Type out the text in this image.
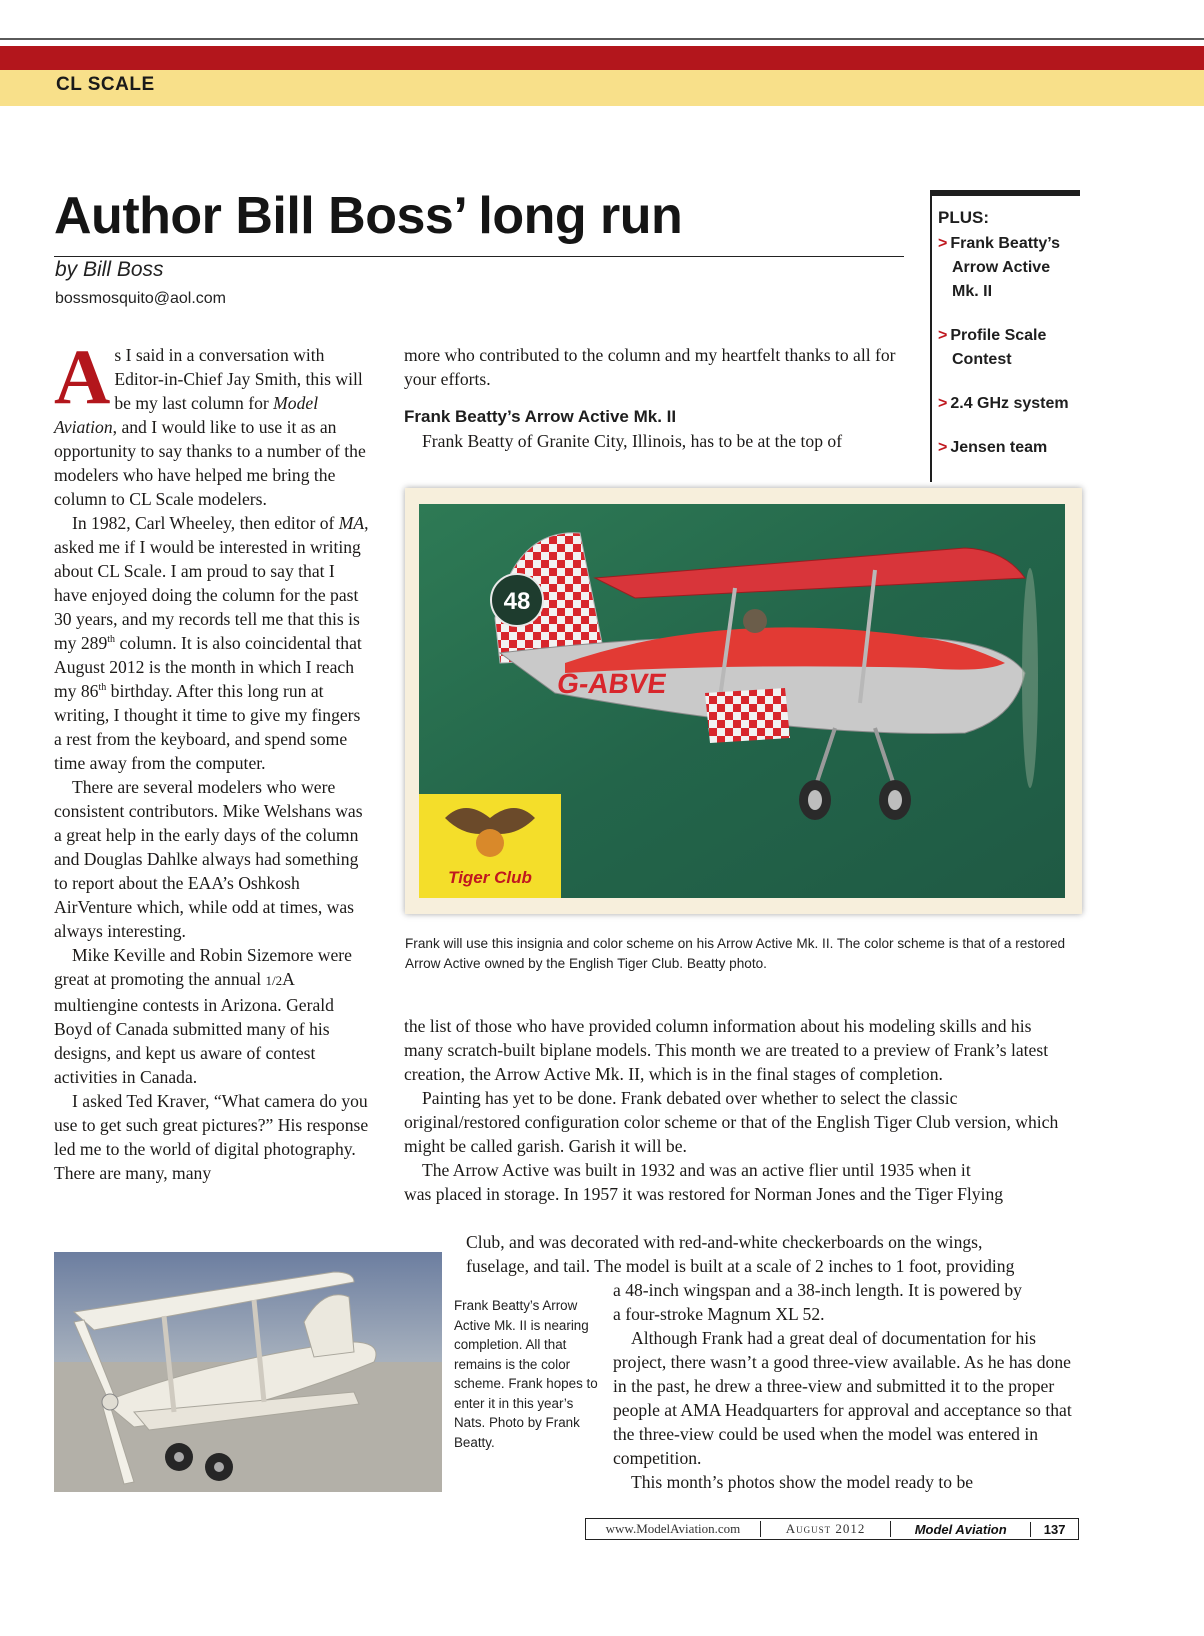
CL SCALE
Author Bill Boss’ long run
by Bill Boss
bossmosquito@aol.com
PLUS:
> Frank Beatty’s
Arrow Active
Mk. II
> Profile Scale
Contest
> 2.4 GHz system
> Jensen team

As I said in a conversation with Editor-in-Chief Jay Smith, this will be my last column for Model Aviation, and I would like to use it as an opportunity to say thanks to a number of the modelers who have helped me bring the column to CL Scale modelers.

In 1982, Carl Wheeley, then editor of MA, asked me if I would be interested in writing about CL Scale. I am proud to say that I have enjoyed doing the column for the past 30 years, and my records tell me that this is my 289th column. It is also coincidental that August 2012 is the month in which I reach my 86th birthday. After this long run at writing, I thought it time to give my fingers a rest from the keyboard, and spend some time away from the computer.

There are several modelers who were consistent contributors. Mike Welshans was a great help in the early days of the column and Douglas Dahlke always had something to report about the EAA’s Oshkosh AirVenture which, while odd at times, was always interesting.

Mike Keville and Robin Sizemore were great at promoting the annual 1/2A multiengine contests in Arizona. Gerald Boyd of Canada submitted many of his designs, and kept us aware of contest activities in Canada.

I asked Ted Kraver, “What camera do you use to get such great pictures?” His response led me to the world of digital photography. There are many, many

more who contributed to the column and my heartfelt thanks to all for your efforts.

Frank Beatty’s Arrow Active Mk. II

Frank Beatty of Granite City, Illinois, has to be at the top of

48
G-ABVE
Tiger Club
Frank will use this insignia and color scheme on his Arrow Active Mk. II. The color scheme is that of a restored Arrow Active owned by the English Tiger Club. Beatty photo.

the list of those who have provided column information about his modeling skills and his many scratch-built biplane models. This month we are treated to a preview of Frank’s latest creation, the Arrow Active Mk. II, which is in the final stages of completion.

Painting has yet to be done. Frank debated over whether to select the classic original/restored configuration color scheme or that of the English Tiger Club version, which might be called garish. Garish it will be.

The Arrow Active was built in 1932 and was an active flier until 1935 when it
was placed in storage. In 1957 it was restored for Norman Jones and the Tiger Flying
Club, and was decorated with red-and-white checkerboards on the wings,
fuselage, and tail. The model is built at a scale of 2 inches to 1 foot, providing
a 48-inch wingspan and a 38-inch length. It is powered by
a four-stroke Magnum XL 52.

Although Frank had a great deal of documentation for his project, there wasn’t a good three-view available. As he has done in the past, he drew a three-view and submitted it to the proper people at AMA Headquarters for approval and acceptance so that the three-view could be used when the model was entered in competition.

This month’s photos show the model ready to be

Frank Beatty’s Arrow Active Mk. II is nearing completion. All that remains is the color scheme. Frank hopes to enter it in this year’s Nats. Photo by Frank Beatty.
www.ModelAviation.com	August 2012	Model Aviation	137
